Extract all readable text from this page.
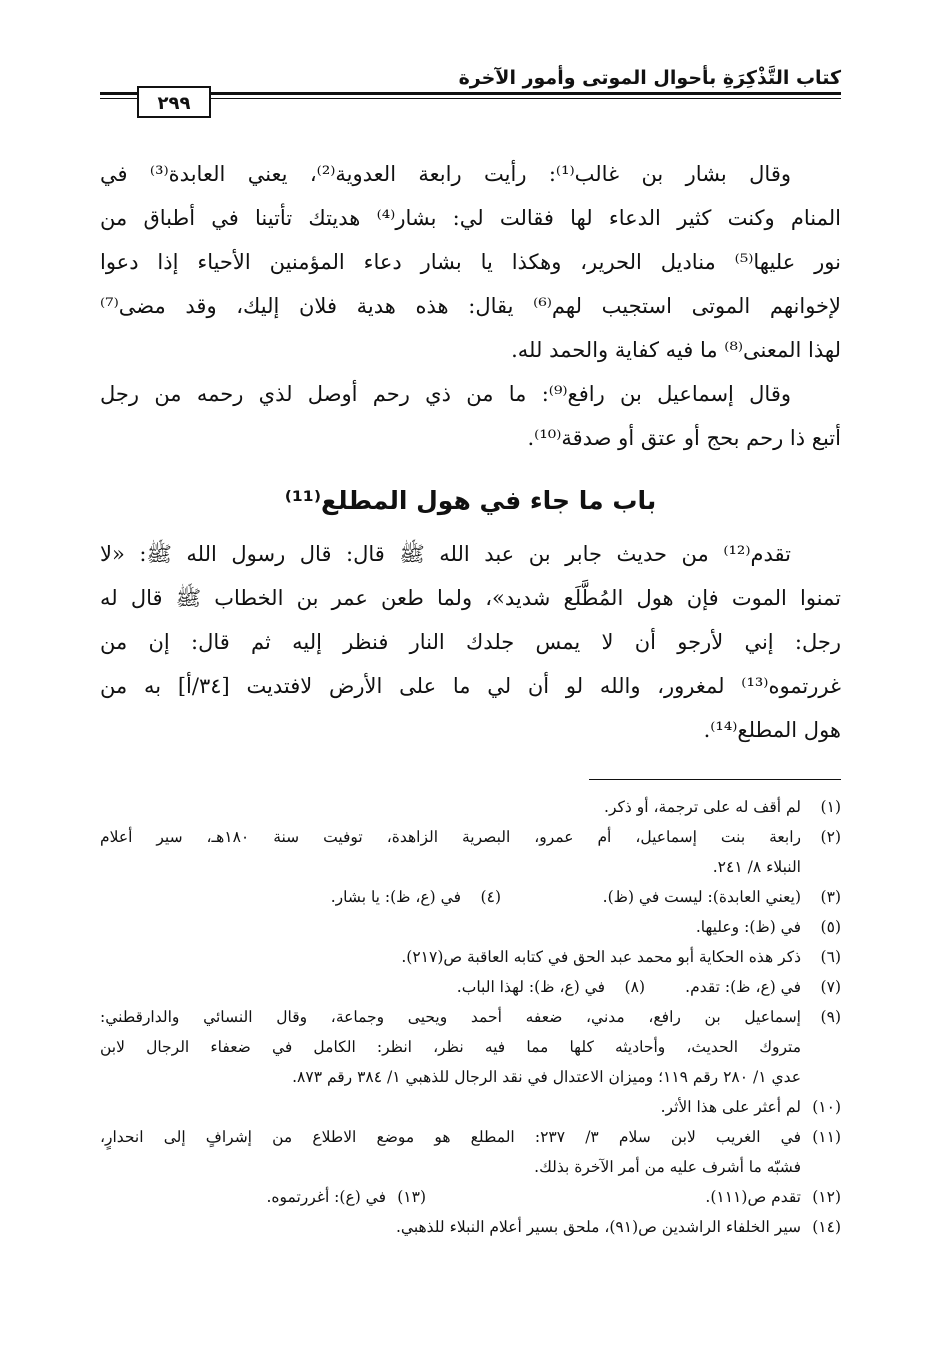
كتاب التَّذْكِرَةِ بأحوال الموتى وأمور الآخرة
٢٩٩
وقال بشار بن غالب⁽¹⁾: رأيت رابعة العدوية⁽²⁾، يعني العابدة⁽³⁾ في
المنام وكنت كثير الدعاء لها فقالت لي: بشار⁽⁴⁾ هديتك تأتينا في أطباق من
نور عليها⁽⁵⁾ مناديل الحرير، وهكذا يا بشار دعاء المؤمنين الأحياء إذا دعوا
لإخوانهم الموتى استجيب لهم⁽⁶⁾ يقال: هذه هدية فلان إليك، وقد مضى⁽⁷⁾
لهذا المعنى⁽⁸⁾ ما فيه كفاية والحمد لله.
وقال إسماعيل بن رافع⁽⁹⁾: ما من ذي رحم أوصل لذي رحمه من رجل
أتبع ذا رحم بحج أو عتق أو صدقة⁽¹⁰⁾.
باب ما جاء في هول المطلع⁽¹¹⁾
تقدم⁽¹²⁾ من حديث جابر بن عبد الله ﷺ قال: قال رسول الله ﷺ: «لا
تمنوا الموت فإن هول المُطَّلَع شديد»، ولما طعن عمر بن الخطاب ﷺ قال له
رجل: إني لأرجو أن لا يمس جلدك النار فنظر إليه ثم قال: إن من
غررتموه⁽¹³⁾ لمغرور، والله لو أن لي ما على الأرض لافتديت [٣٤/أ] به من
هول المطلع⁽¹⁴⁾.
(١)
لم أقف له على ترجمة، أو ذكر.
(٢)
رابعة بنت إسماعيل، أم عمرو، البصرية الزاهدة، توفيت سنة ١٨٠هـ، سير أعلام
النبلاء ٨/ ٢٤١.
(٣)(يعني العابدة): ليست في (ظ).
(٤)في (ع، ظ): يا بشار.
(٥)
في (ظ): وعليها.
(٦)
ذكر هذه الحكاية أبو محمد عبد الحق في كتابه العاقبة ص(٢١٧).
(٧)في (ع، ظ): تقدم.
(٨)في (ع، ظ): لهذا الباب.
(٩)
إسماعيل بن رافع، مدني، ضعفه أحمد ويحيى وجماعة، وقال النسائي والدارقطني:
متروك الحديث، وأحاديثه كلها مما فيه نظر، انظر: الكامل في ضعفاء الرجال لابن
عدي ١/ ٢٨٠ رقم ١١٩؛ وميزان الاعتدال في نقد الرجال للذهبي ١/ ٣٨٤ رقم ٨٧٣.
(١٠)
لم أعثر على هذا الأثر.
(١١)
في الغريب لابن سلام ٣/ ٢٣٧: المطلع هو موضع الاطلاع من إشرافٍ إلى انحدارٍ،
فشبّه ما أشرف عليه من أمر الآخرة بذلك.
(١٢)تقدم ص(١١١).
(١٣)في (ع): أغررتموه.
(١٤)
سير الخلفاء الراشدين ص(٩١)، ملحق بسير أعلام النبلاء للذهبي.
